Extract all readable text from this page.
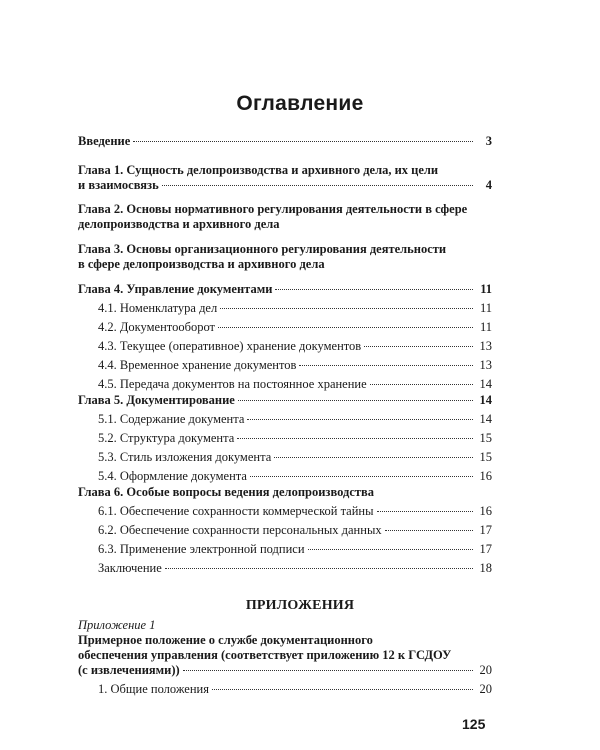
Оглавление
Введение	3
Глава 1. Сущность делопроизводства и архивного дела, их цели
и взаимосвязь	4
Глава 2. Основы нормативного регулирования деятельности в сфере
делопроизводства и архивного дела
Глава 3. Основы организационного регулирования деятельности
в сфере делопроизводства и архивного дела
Глава 4. Управление документами	11
4.1. Номенклатура дел	11
4.2. Документооборот	11
4.3. Текущее (оперативное) хранение документов	13
4.4. Временное хранение документов	13
4.5. Передача документов на постоянное хранение	14
Глава 5. Документирование	14
5.1. Содержание документа	14
5.2. Структура документа	15
5.3. Стиль изложения документа	15
5.4. Оформление документа	16
Глава 6. Особые вопросы ведения делопроизводства
6.1. Обеспечение сохранности коммерческой тайны	16
6.2. Обеспечение сохранности персональных данных	17
6.3. Применение электронной подписи	17
Заключение	18
Приложение 1
Примерное положение о службе документационного
обеспечения управления (соответствует приложению 12 к ГСДОУ
(с извлечениями))	20
1. Общие положения	20
ПРИЛОЖЕНИЯ
125
